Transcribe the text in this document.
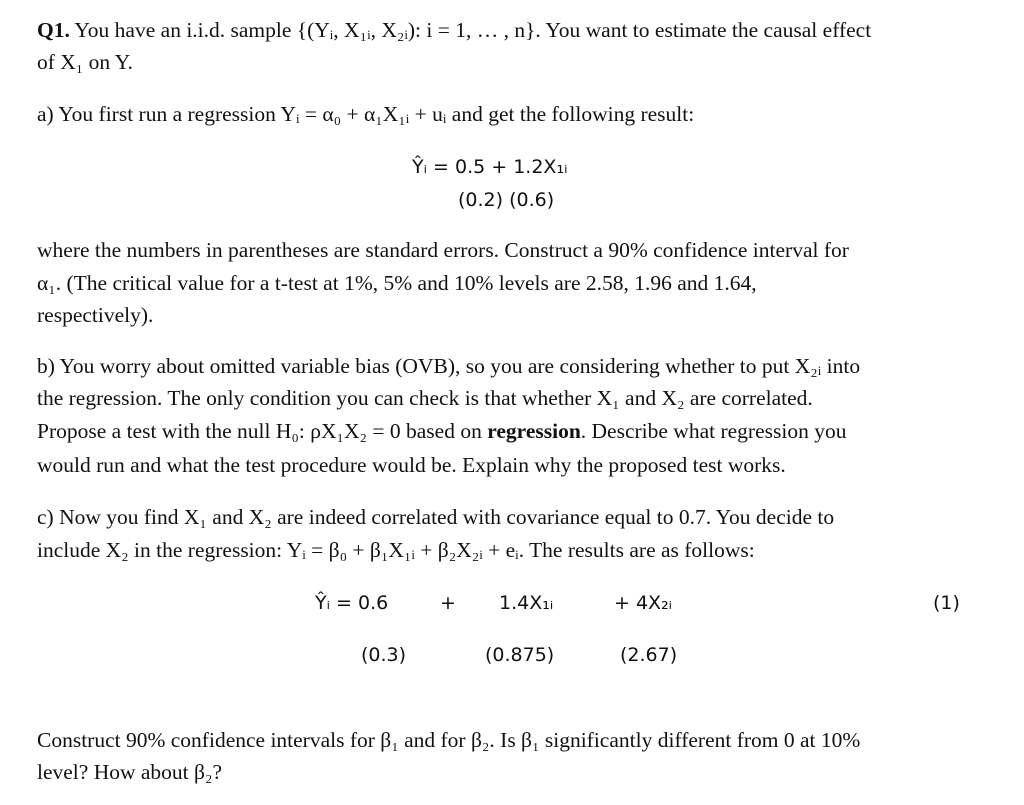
Q1. You have an i.i.d. sample {(Yᵢ, X₁ᵢ, X₂ᵢ): i = 1, … , n}. You want to estimate the causal effect
of X₁ on Y.
a) You first run a regression Yᵢ = α₀ + α₁X₁ᵢ + uᵢ and get the following result:
Ŷᵢ = 0.5 + 1.2X₁ᵢ
(0.2) (0.6)
where the numbers in parentheses are standard errors. Construct a 90% confidence interval for
α₁. (The critical value for a t-test at 1%, 5% and 10% levels are 2.58, 1.96 and 1.64,
respectively).
b) You worry about omitted variable bias (OVB), so you are considering whether to put X₂ᵢ into
the regression. The only condition you can check is that whether X₁ and X₂ are correlated.
Propose a test with the null H₀: ρX₁X₂ = 0 based on regression. Describe what regression you
would run and what the test procedure would be. Explain why the proposed test works.
c) Now you find X₁ and X₂ are indeed correlated with covariance equal to 0.7. You decide to
include X₂ in the regression: Yᵢ = β₀ + β₁X₁ᵢ + β₂X₂ᵢ + eᵢ. The results are as follows:
Ŷᵢ = 0.6	+ 1.4X₁ᵢ	+ 4X₂ᵢ	(1)
(0.3)	(0.875)	(2.67)
Construct 90% confidence intervals for β₁ and for β₂. Is β₁ significantly different from 0 at 10%
level? How about β₂?
